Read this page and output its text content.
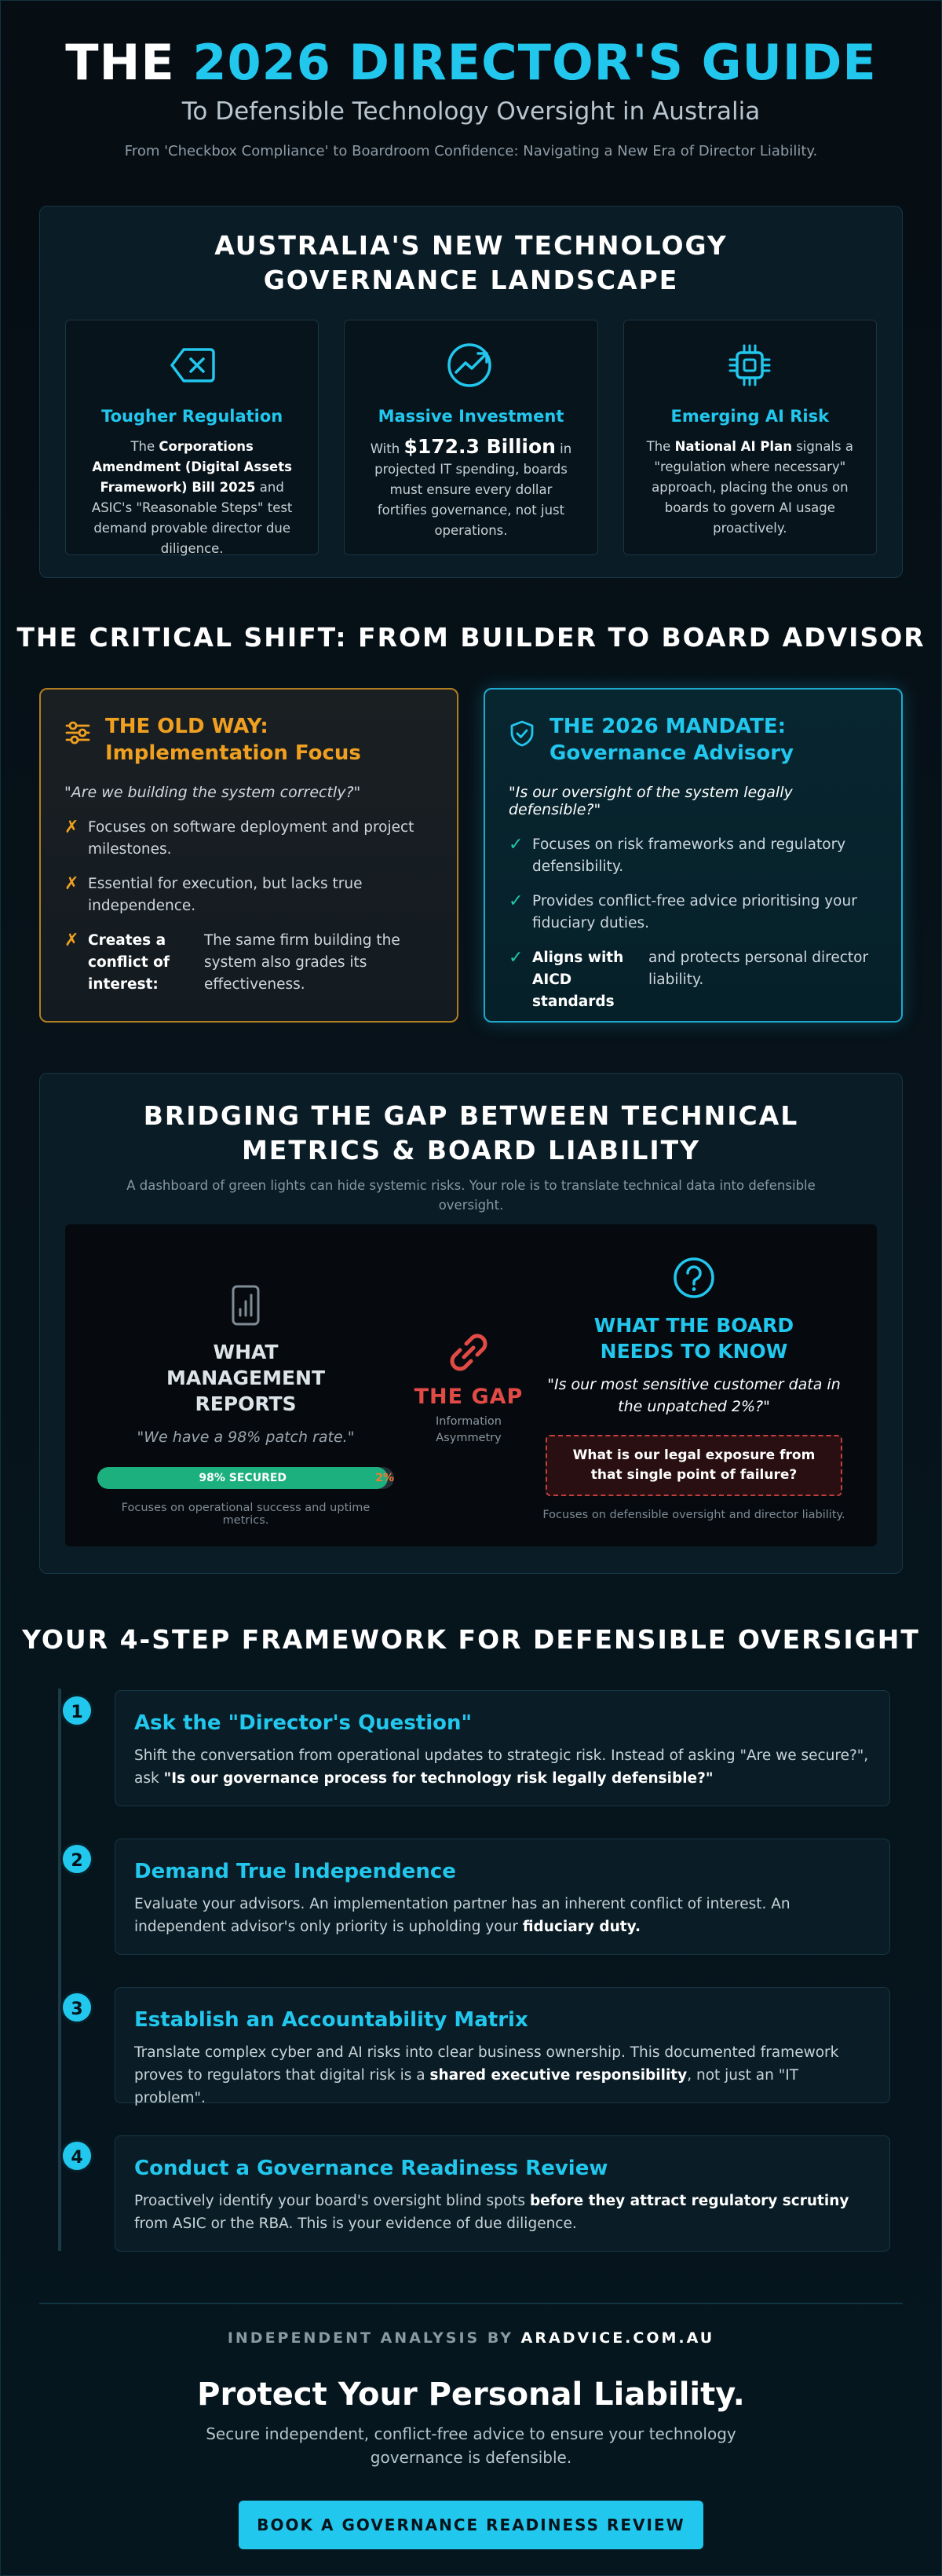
THE 2026 DIRECTOR'S GUIDE
To Defensible Technology Oversight in Australia
From 'Checkbox Compliance' to Boardroom Confidence: Navigating a New Era of Director Liability.
AUSTRALIA'S NEW TECHNOLOGY GOVERNANCE LANDSCAPE
Tougher Regulation
The Corporations Amendment (Digital Assets Framework) Bill 2025 and ASIC's "Reasonable Steps" test demand provable director due diligence.
Massive Investment
With $172.3 Billion in projected IT spending, boards must ensure every dollar fortifies governance, not just operations.
Emerging AI Risk
The National AI Plan signals a "regulation where necessary" approach, placing the onus on boards to govern AI usage proactively.
THE CRITICAL SHIFT: FROM BUILDER TO BOARD ADVISOR
THE OLD WAY: Implementation Focus
"Are we building the system correctly?"
✗ Focuses on software deployment and project milestones.
✗ Essential for execution, but lacks true independence.
✗ Creates a conflict of interest:
The same firm building the system also grades its effectiveness.
THE 2026 MANDATE: Governance Advisory
"Is our oversight of the system legally defensible?"
✓ Focuses on risk frameworks and regulatory defensibility.
✓ Provides conflict-free advice prioritising your fiduciary duties.
✓ Aligns with AICD standards
and protects personal director liability.
BRIDGING THE GAP BETWEEN TECHNICAL METRICS & BOARD LIABILITY
A dashboard of green lights can hide systemic risks. Your role is to translate technical data into defensible oversight.
WHAT MANAGEMENT REPORTS
"We have a 98% patch rate."
98% SECURED	2%
Focuses on operational success and uptime metrics.
THE GAP
Information Asymmetry
WHAT THE BOARD NEEDS TO KNOW
"Is our most sensitive customer data in the unpatched 2%?"
What is our legal exposure from that single point of failure?
Focuses on defensible oversight and director liability.
YOUR 4-STEP FRAMEWORK FOR DEFENSIBLE OVERSIGHT
1	Ask the "Director's Question"
Shift the conversation from operational updates to strategic risk. Instead of asking "Are we secure?", ask "Is our governance process for technology risk legally defensible?"
2	Demand True Independence
Evaluate your advisors. An implementation partner has an inherent conflict of interest. An independent advisor's only priority is upholding your fiduciary duty.
3	Establish an Accountability Matrix
Translate complex cyber and AI risks into clear business ownership. This documented framework proves to regulators that digital risk is a shared executive responsibility, not just an "IT problem".
4	Conduct a Governance Readiness Review
Proactively identify your board's oversight blind spots before they attract regulatory scrutiny from ASIC or the RBA. This is your evidence of due diligence.
INDEPENDENT ANALYSIS BY ARADVICE.COM.AU
Protect Your Personal Liability.
Secure independent, conflict-free advice to ensure your technology governance is defensible.
BOOK A GOVERNANCE READINESS REVIEW
